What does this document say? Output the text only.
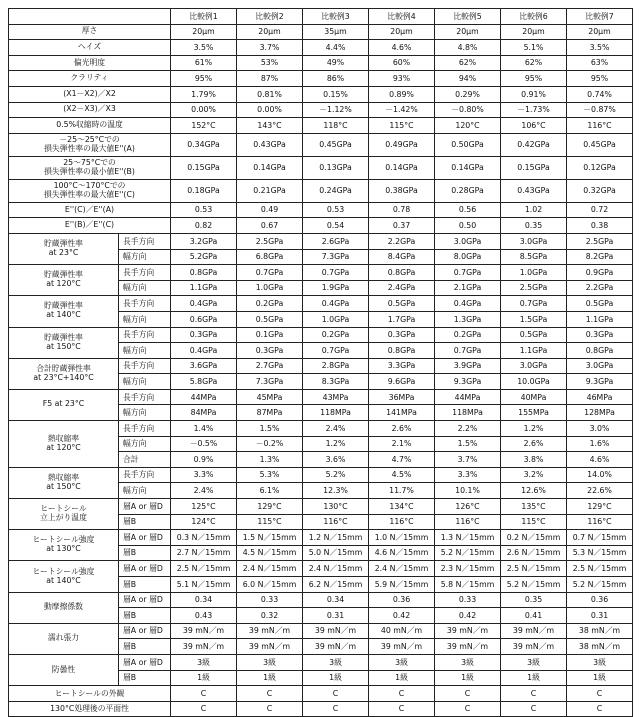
	比較例1	比較例2	比較例3	比較例4	比較例5	比較例6	比較例7

厚さ	20μm	20μm	35μm	20μm	20μm	20μm	20μm

ヘイズ	3.5%	3.7%	4.4%	4.6%	4.8%	5.1%	3.5%

偏光明度	61%	53%	49%	60%	62%	62%	63%

クラリティ	95%	87%	86%	93%	94%	95%	95%

(X1－X2)／X2	1.79%	0.81%	0.15%	0.89%	0.29%	0.91%	0.74%

(X2－X3)／X3	0.00%	0.00%	－1.12%	－1.42%	－0.80%	－1.73%	－0.87%

0.5%収縮時の温度	152°C	143°C	118°C	115°C	120°C	106°C	116°C

－25～25°Cでの
損失弾性率の最大値E''(A)	0.34GPa	0.43GPa	0.45GPa	0.49GPa	0.50GPa	0.42GPa	0.45GPa

25～75°Cでの
損失弾性率の最小値E''(B)	0.15GPa	0.14GPa	0.13GPa	0.14GPa	0.14GPa	0.15GPa	0.12GPa

100°C～170°Cでの
損失弾性率の最大値E''(C)	0.18GPa	0.21GPa	0.24GPa	0.38GPa	0.28GPa	0.43GPa	0.32GPa

E''(C)／E''(A)	0.53	0.49	0.53	0.78	0.56	1.02	0.72

E''(B)／E''(C)	0.82	0.67	0.54	0.37	0.50	0.35	0.38

貯蔵弾性率
at 23°C
	長手方向	3.2GPa	2.5GPa	2.6GPa	2.2GPa	3.0GPa	3.0GPa	2.5GPa
幅方向	5.2GPa	6.8GPa	7.3GPa	8.4GPa	8.0GPa	8.5GPa	8.2GPa

貯蔵弾性率
at 120°C
	長手方向	0.8GPa	0.7GPa	0.7GPa	0.8GPa	0.7GPa	1.0GPa	0.9GPa
幅方向	1.1GPa	1.0GPa	1.9GPa	2.4GPa	2.1GPa	2.5GPa	2.2GPa

貯蔵弾性率
at 140°C
	長手方向	0.4GPa	0.2GPa	0.4GPa	0.5GPa	0.4GPa	0.7GPa	0.5GPa
幅方向	0.6GPa	0.5GPa	1.0GPa	1.7GPa	1.3GPa	1.5GPa	1.1GPa

貯蔵弾性率
at 150°C
	長手方向	0.3GPa	0.1GPa	0.2GPa	0.3GPa	0.2GPa	0.5GPa	0.3GPa
幅方向	0.4GPa	0.3GPa	0.7GPa	0.8GPa	0.7GPa	1.1GPa	0.8GPa

合計貯蔵弾性率
at 23°C+140°C
	長手方向	3.6GPa	2.7GPa	2.8GPa	3.3GPa	3.9GPa	3.0GPa	3.0GPa
幅方向	5.8GPa	7.3GPa	8.3GPa	9.6GPa	9.3GPa	10.0GPa	9.3GPa

F5 at 23°C
	長手方向	44MPa	45MPa	43MPa	36MPa	44MPa	40MPa	46MPa
幅方向	84MPa	87MPa	118MPa	141MPa	118MPa	155MPa	128MPa

熱収縮率
at 120°C
	長手方向	1.4%	1.5%	2.4%	2.6%	2.2%	1.2%	3.0%
幅方向	－0.5%	－0.2%	1.2%	2.1%	1.5%	2.6%	1.6%
合計	0.9%	1.3%	3.6%	4.7%	3.7%	3.8%	4.6%

熱収縮率
at 150°C
	長手方向	3.3%	5.3%	5.2%	4.5%	3.3%	3.2%	14.0%
幅方向	2.4%	6.1%	12.3%	11.7%	10.1%	12.6%	22.6%

ヒートシール
立上がり温度
	層A or 層D	125°C	129°C	130°C	134°C	126°C	135°C	129°C
層B	124°C	115°C	116°C	116°C	116°C	115°C	116°C

ヒートシール強度
at 130°C
	層A or 層D	0.3 N／15mm	1.5 N／15mm	1.2 N／15mm	1.0 N／15mm	1.3 N／15mm	0.2 N／15mm	0.7 N／15mm
層B	2.7 N／15mm	4.5 N／15mm	5.0 N／15mm	4.6 N／15mm	5.2 N／15mm	2.6 N／15mm	5.3 N／15mm

ヒートシール強度
at 140°C
	層A or 層D	2.5 N／15mm	2.4 N／15mm	2.4 N／15mm	2.4 N／15mm	2.3 N／15mm	2.5 N／15mm	2.5 N／15mm
層B	5.1 N／15mm	6.0 N／15mm	6.2 N／15mm	5.9 N／15mm	5.8 N／15mm	5.2 N／15mm	5.2 N／15mm

動摩擦係数
	層A or 層D	0.34	0.33	0.34	0.36	0.33	0.35	0.36
層B	0.43	0.32	0.31	0.42	0.42	0.41	0.31

濡れ張力
	層A or 層D	39 mN／m	39 mN／m	39 mN／m	40 mN／m	39 mN／m	39 mN／m	38 mN／m
層B	39 mN／m	39 mN／m	39 mN／m	39 mN／m	39 mN／m	39 mN／m	38 mN／m

防曇性
	層A or 層D	3級	3級	3級	3級	3級	3級	3級
層B	1級	1級	1級	1級	1級	1級	1級
ヒートシールの外観	C	C	C	C	C	C	C
130°C処理後の平面性	C	C	C	C	C	C	C
